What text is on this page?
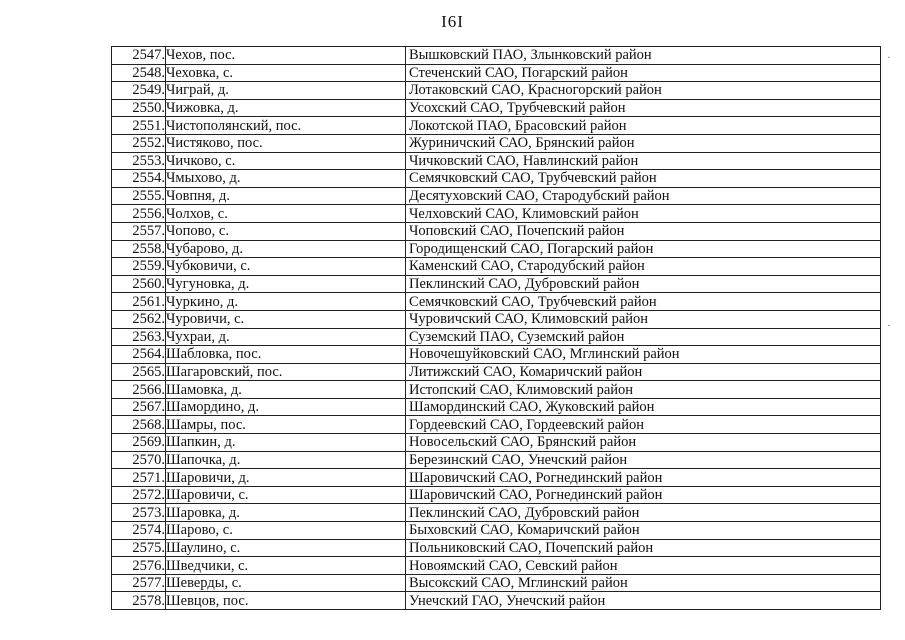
I6I
2547.	Чехов, пос.	Вышковский ПАО, Злынковский район
2548.	Чеховка, с.	Стеченский САО, Погарский район
2549.	Чиграй, д.	Лотаковский САО, Красногорский район
2550.	Чижовка, д.	Усохский САО, Трубчевский район
2551.	Чистополянский, пос.	Локотской ПАО, Брасовский район
2552.	Чистяково, пос.	Журиничский САО, Брянский район
2553.	Чичково, с.	Чичковский САО, Навлинский район
2554.	Чмыхово, д.	Семячковский САО, Трубчевский район
2555.	Човпня, д.	Десятуховский САО, Стародубский район
2556.	Чолхов, с.	Челховский САО, Климовский район
2557.	Чопово, с.	Чоповский САО, Почепский район
2558.	Чубарово, д.	Городищенский САО, Погарский район
2559.	Чубковичи, с.	Каменский САО, Стародубский район
2560.	Чугуновка, д.	Пеклинский САО, Дубровский район
2561.	Чуркино, д.	Семячковский САО, Трубчевский район
2562.	Чуровичи, с.	Чуровичский САО, Климовский район
2563.	Чухраи, д.	Суземский ПАО, Суземский район
2564.	Шабловка, пос.	Новочешуйковский САО, Мглинский район
2565.	Шагаровский, пос.	Литижский САО, Комаричский район
2566.	Шамовка, д.	Истопский САО, Климовский район
2567.	Шамордино, д.	Шамординский САО, Жуковский район
2568.	Шамры, пос.	Гордеевский САО, Гордеевский район
2569.	Шапкин, д.	Новосельский САО, Брянский район
2570.	Шапочка, д.	Березинский САО, Унечский район
2571.	Шаровичи, д.	Шаровичский САО, Рогнединский район
2572.	Шаровичи, с.	Шаровичский САО, Рогнединский район
2573.	Шаровка, д.	Пеклинский САО, Дубровский район
2574.	Шарово, с.	Быховский САО, Комаричский район
2575.	Шаулино, с.	Польниковский САО, Почепский район
2576.	Шведчики, с.	Новоямский САО, Севский район
2577.	Шеверды, с.	Высокский САО, Мглинский район
2578.	Шевцов, пос.	Унечский ГАО, Унечский район
·
·
